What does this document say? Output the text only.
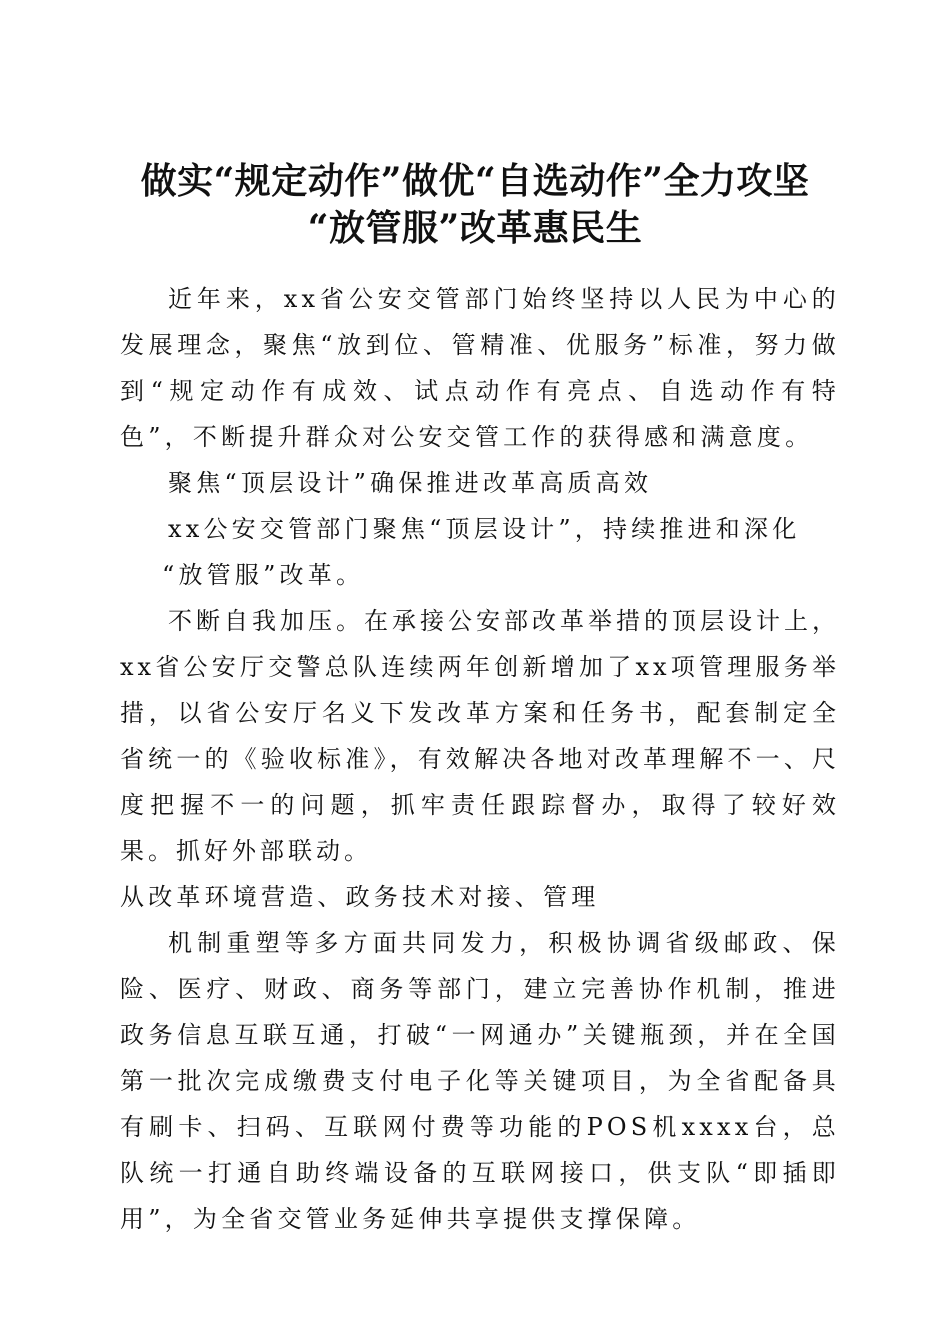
做实“规定动作”做优“自选动作”全力攻坚
“放管服”改革惠民生

近年来，xx省公安交管部门始终坚持以人民为中心的发展理念，聚焦“放到位、管精准、优服务”标准，努力做到“规定动作有成效、试点动作有亮点、自选动作有特色”，不断提升群众对公安交管工作的获得感和满意度。

聚焦“顶层设计”确保推进改革高质高效

xx公安交管部门聚焦“顶层设计”，持续推进和深化

“放管服”改革。

不断自我加压。在承接公安部改革举措的顶层设计上，xx省公安厅交警总队连续两年创新增加了xx项管理服务举措，以省公安厅名义下发改革方案和任务书，配套制定全省统一的《验收标准》，有效解决各地对改革理解不一、尺度把握不一的问题，抓牢责任跟踪督办，取得了较好效果。抓好外部联动。

从改革环境营造、政务技术对接、管理

机制重塑等多方面共同发力，积极协调省级邮政、保险、医疗、财政、商务等部门，建立完善协作机制，推进政务信息互联互通，打破“一网通办”关键瓶颈，并在全国第一批次完成缴费支付电子化等关键项目，为全省配备具有刷卡、扫码、互联网付费等功能的POS机xxxx台，总队统一打通自助终端设备的互联网接口，供支队“即插即用”，为全省交管业务延伸共享提供支撑保障。
